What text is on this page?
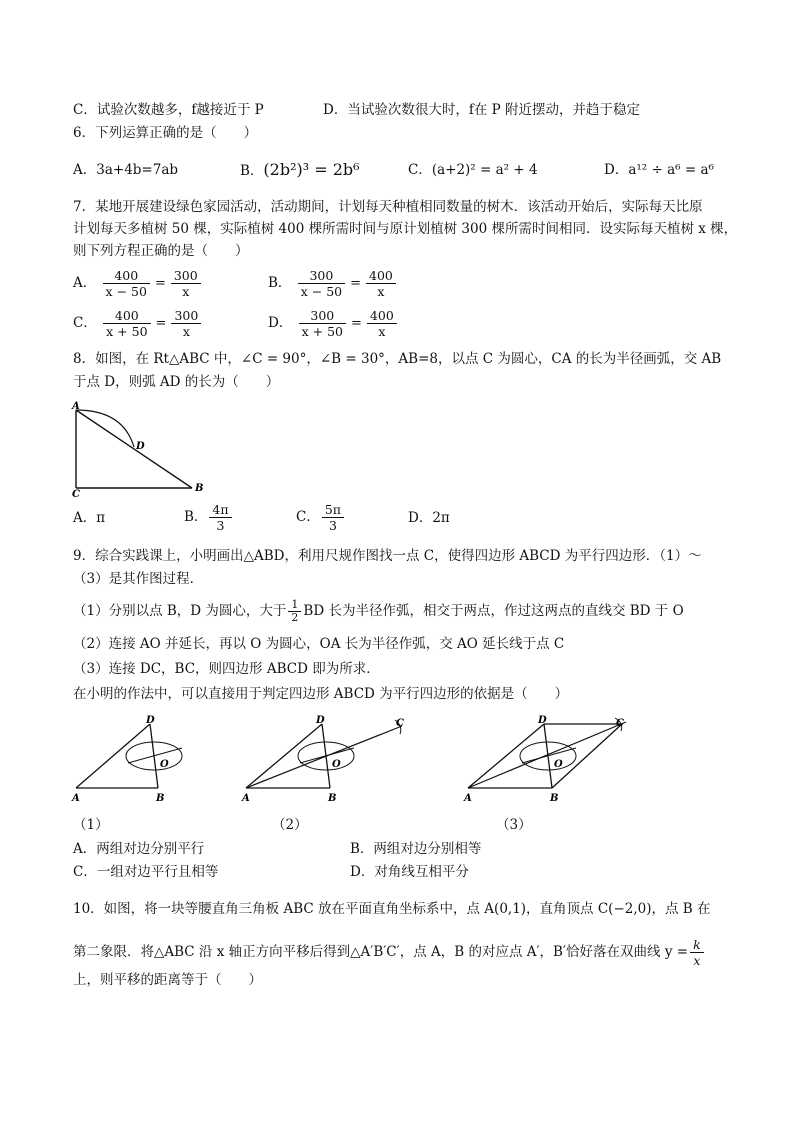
C．试验次数越多，f越接近于 P	D．当试验次数很大时，f在 P 附近摆动，并趋于稳定
6．下列运算正确的是（　　）
A．3a+4b=7ab	B．(2b²)³ = 2b⁶	C．(a+2)² = a² + 4	D．a¹² ÷ a⁶ = a⁶
7．某地开展建设绿色家园活动，活动期间，计划每天种植相同数量的树木．该活动开始后，实际每天比原
计划每天多植树 50 棵，实际植树 400 棵所需时间与原计划植树 300 棵所需时间相同．设实际每天植树 x 棵，
则下列方程正确的是（　　）
A． $\frac{400}{x - 50} = \frac{300}{x}$	B． $\frac{300}{x - 50} = \frac{400}{x}$
C． $\frac{400}{x + 50} = \frac{300}{x}$	D． $\frac{300}{x + 50} = \frac{400}{x}$
8．如图，在 Rt△ABC 中，∠C = 90°，∠B = 30°，AB=8，以点 C 为圆心，CA 的长为半径画弧，交 AB
于点 D，则弧 AD 的长为（　　）
A
C
B
D
A．π	B． $\frac{4\pi}{3}$	C． $\frac{5\pi}{3}$	D．2π
9．综合实践课上，小明画出△ABD，利用尺规作图找一点 C，使得四边形 ABCD 为平行四边形．（1）～
（3）是其作图过程．
（1）分别以点 B，D 为圆心，大于 $\frac{1}{2}$ BD 长为半径作弧，相交于两点，作过这两点的直线交 BD 于 O
（2）连接 AO 并延长，再以 O 为圆心，OA 长为半径作弧，交 AO 延长线于点 C
（3）连接 DC，BC，则四边形 ABCD 即为所求．
在小明的作法中，可以直接用于判定四边形 ABCD 为平行四边形的依据是（　　）
A	B
D
O
A	B
D	C
O
A	B
D	C
O
（1）	（2）	（3）
A．两组对边分别平行	B．两组对边分别相等
C．一组对边平行且相等	D．对角线互相平分
10．如图，将一块等腰直角三角板 ABC 放在平面直角坐标系中，点 A(0,1)，直角顶点 C(−2,0)，点 B 在
第二象限．将△ABC 沿 x 轴正方向平移后得到△A′B′C′，点 A，B 的对应点 A′，B′恰好落在双曲线 $y = \frac{k}{x}$
上，则平移的距离等于（　　）
